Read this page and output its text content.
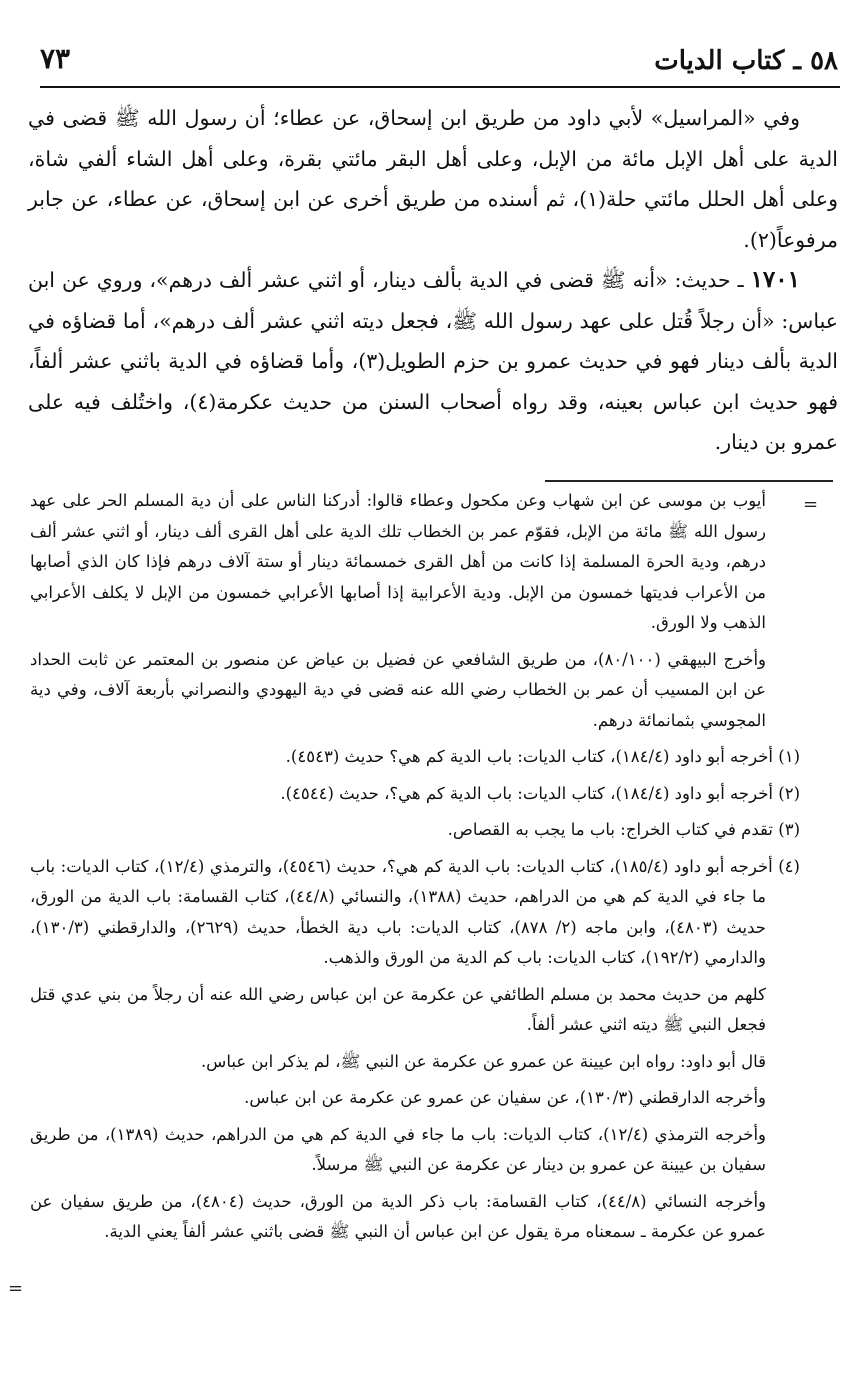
٧٣	٥٨ ـ كتاب الديات

وفي «المراسيل» لأبي داود من طريق ابن إسحاق، عن عطاء؛ أن رسول الله ﷺ قضى في الدية على أهل الإبل مائة من الإبل، وعلى أهل البقر مائتي بقرة، وعلى أهل الشاء ألفي شاة، وعلى أهل الحلل مائتي حلة(١)، ثم أسنده من طريق أخرى عن ابن إسحاق، عن عطاء، عن جابر مرفوعاً(٢).

١٧٠١ ـ حديث: «أنه ﷺ قضى في الدية بألف دينار، أو اثني عشر ألف درهم»، وروي عن ابن عباس: «أن رجلاً قُتل على عهد رسول الله ﷺ، فجعل ديته اثني عشر ألف درهم»، أما قضاؤه في الدية بألف دينار فهو في حديث عمرو بن حزم الطويل(٣)، وأما قضاؤه في الدية باثني عشر ألفاً، فهو حديث ابن عباس بعينه، وقد رواه أصحاب السنن من حديث عكرمة(٤)، واختُلف فيه على عمرو بن دينار.

أيوب بن موسى عن ابن شهاب وعن مكحول وعطاء قالوا: أدركنا الناس على أن دية المسلم الحر على عهد رسول الله ﷺ مائة من الإبل، فقوّم عمر بن الخطاب تلك الدية على أهل القرى ألف دينار، أو اثني عشر ألف درهم، ودية الحرة المسلمة إذا كانت من أهل القرى خمسمائة دينار أو ستة آلاف درهم فإذا كان الذي أصابها من الأعراب فديتها خمسون من الإبل. ودية الأعرابية إذا أصابها الأعرابي خمسون من الإبل لا يكلف الأعرابي الذهب ولا الورق.

وأخرج البيهقي (٨٠/١٠٠)، من طريق الشافعي عن فضيل بن عياض عن منصور بن المعتمر عن ثابت الحداد عن ابن المسيب أن عمر بن الخطاب رضي الله عنه قضى في دية اليهودي والنصراني بأربعة آلاف، وفي دية المجوسي بثمانمائة درهم.

(١) أخرجه أبو داود (١٨٤/٤)، كتاب الديات: باب الدية كم هي؟ حديث (٤٥٤٣).

(٢) أخرجه أبو داود (١٨٤/٤)، كتاب الديات: باب الدية كم هي؟، حديث (٤٥٤٤).

(٣) تقدم في كتاب الخراج: باب ما يجب به القصاص.

(٤) أخرجه أبو داود (١٨٥/٤)، كتاب الديات: باب الدية كم هي؟، حديث (٤٥٤٦)، والترمذي (١٢/٤)، كتاب الديات: باب ما جاء في الدية كم هي من الدراهم، حديث (١٣٨٨)، والنسائي (٤٤/٨)، كتاب القسامة: باب الدية من الورق، حديث (٤٨٠٣)، وابن ماجه (٢/ ٨٧٨)، كتاب الديات: باب دية الخطأ، حديث (٢٦٢٩)، والدارقطني (١٣٠/٣)، والدارمي (١٩٢/٢)، كتاب الديات: باب كم الدية من الورق والذهب.

كلهم من حديث محمد بن مسلم الطائفي عن عكرمة عن ابن عباس رضي الله عنه أن رجلاً من بني عدي قتل فجعل النبي ﷺ ديته اثني عشر ألفاً.

قال أبو داود: رواه ابن عيينة عن عمرو عن عكرمة عن النبي ﷺ، لم يذكر ابن عباس.

وأخرجه الدارقطني (١٣٠/٣)، عن سفيان عن عمرو عن عكرمة عن ابن عباس.

وأخرجه الترمذي (١٢/٤)، كتاب الديات: باب ما جاء في الدية كم هي من الدراهم، حديث (١٣٨٩)، من طريق سفيان بن عيينة عن عمرو بن دينار عن عكرمة عن النبي ﷺ مرسلاً.

وأخرجه النسائي (٤٤/٨)، كتاب القسامة: باب ذكر الدية من الورق، حديث (٤٨٠٤)، من طريق سفيان عن عمرو عن عكرمة ـ سمعناه مرة يقول عن ابن عباس أن النبي ﷺ قضى باثني عشر ألفاً يعني الدية.

=
=
